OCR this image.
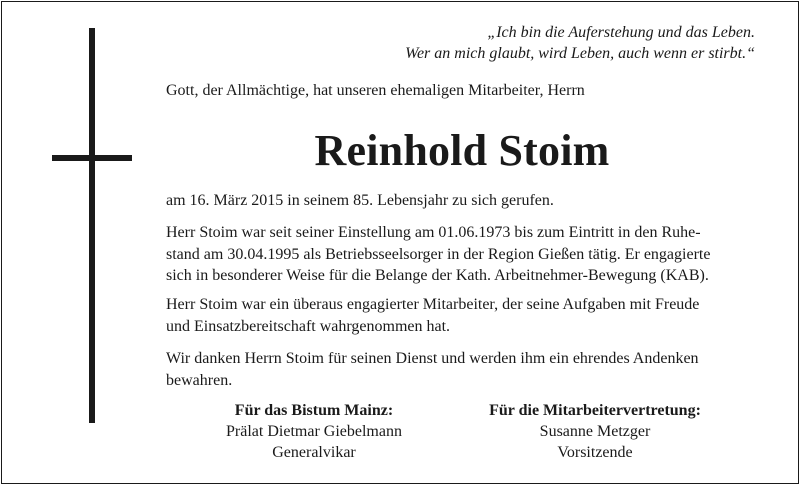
„Ich bin die Auferstehung und das Leben.
Wer an mich glaubt, wird Leben, auch wenn er stirbt.“
Gott, der Allmächtige, hat unseren ehemaligen Mitarbeiter, Herrn
Reinhold Stoim

am 16. März 2015 in seinem 85. Lebensjahr zu sich gerufen.

Herr Stoim war seit seiner Einstellung am 01.06.1973 bis zum Eintritt in den Ruhe-
stand am 30.04.1995 als Betriebsseelsorger in der Region Gießen tätig. Er engagierte
sich in besonderer Weise für die Belange der Kath. Arbeitnehmer-Bewegung (KAB).
Herr Stoim war ein überaus engagierter Mitarbeiter, der seine Aufgaben mit Freude
und Einsatzbereitschaft wahrgenommen hat.
Wir danken Herrn Stoim für seinen Dienst und werden ihm ein ehrendes Andenken
bewahren.
Für das Bistum Mainz:
Prälat Dietmar Giebelmann
Generalvikar
Für die Mitarbeitervertretung:
Susanne Metzger
Vorsitzende
